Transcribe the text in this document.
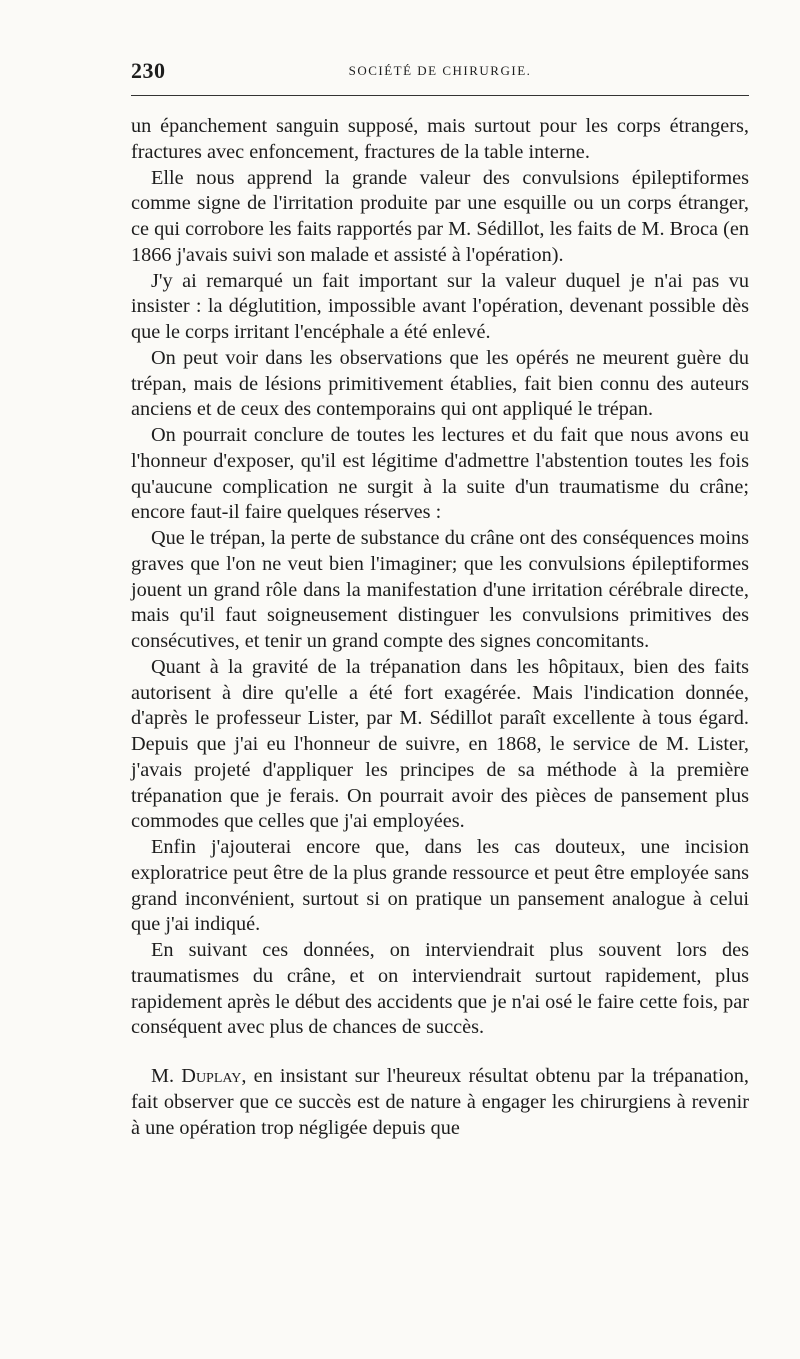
230	SOCIÉTÉ DE CHIRURGIE.

un épanchement sanguin supposé, mais surtout pour les corps étrangers, fractures avec enfoncement, fractures de la table interne.

Elle nous apprend la grande valeur des convulsions épileptiformes comme signe de l'irritation produite par une esquille ou un corps étranger, ce qui corrobore les faits rapportés par M. Sédillot, les faits de M. Broca (en 1866 j'avais suivi son malade et assisté à l'opération).

J'y ai remarqué un fait important sur la valeur duquel je n'ai pas vu insister : la déglutition, impossible avant l'opération, devenant possible dès que le corps irritant l'encéphale a été enlevé.

On peut voir dans les observations que les opérés ne meurent guère du trépan, mais de lésions primitivement établies, fait bien connu des auteurs anciens et de ceux des contemporains qui ont appliqué le trépan.

On pourrait conclure de toutes les lectures et du fait que nous avons eu l'honneur d'exposer, qu'il est légitime d'admettre l'abstention toutes les fois qu'aucune complication ne surgit à la suite d'un traumatisme du crâne; encore faut-il faire quelques réserves :

Que le trépan, la perte de substance du crâne ont des conséquences moins graves que l'on ne veut bien l'imaginer; que les convulsions épileptiformes jouent un grand rôle dans la manifestation d'une irritation cérébrale directe, mais qu'il faut soigneusement distinguer les convulsions primitives des consécutives, et tenir un grand compte des signes concomitants.

Quant à la gravité de la trépanation dans les hôpitaux, bien des faits autorisent à dire qu'elle a été fort exagérée. Mais l'indication donnée, d'après le professeur Lister, par M. Sédillot paraît excellente à tous égard. Depuis que j'ai eu l'honneur de suivre, en 1868, le service de M. Lister, j'avais projeté d'appliquer les principes de sa méthode à la première trépanation que je ferais. On pourrait avoir des pièces de pansement plus commodes que celles que j'ai employées.

Enfin j'ajouterai encore que, dans les cas douteux, une incision exploratrice peut être de la plus grande ressource et peut être employée sans grand inconvénient, surtout si on pratique un pansement analogue à celui que j'ai indiqué.

En suivant ces données, on interviendrait plus souvent lors des traumatismes du crâne, et on interviendrait surtout rapidement, plus rapidement après le début des accidents que je n'ai osé le faire cette fois, par conséquent avec plus de chances de succès.

M. Duplay, en insistant sur l'heureux résultat obtenu par la trépanation, fait observer que ce succès est de nature à engager les chirurgiens à revenir à une opération trop négligée depuis que
